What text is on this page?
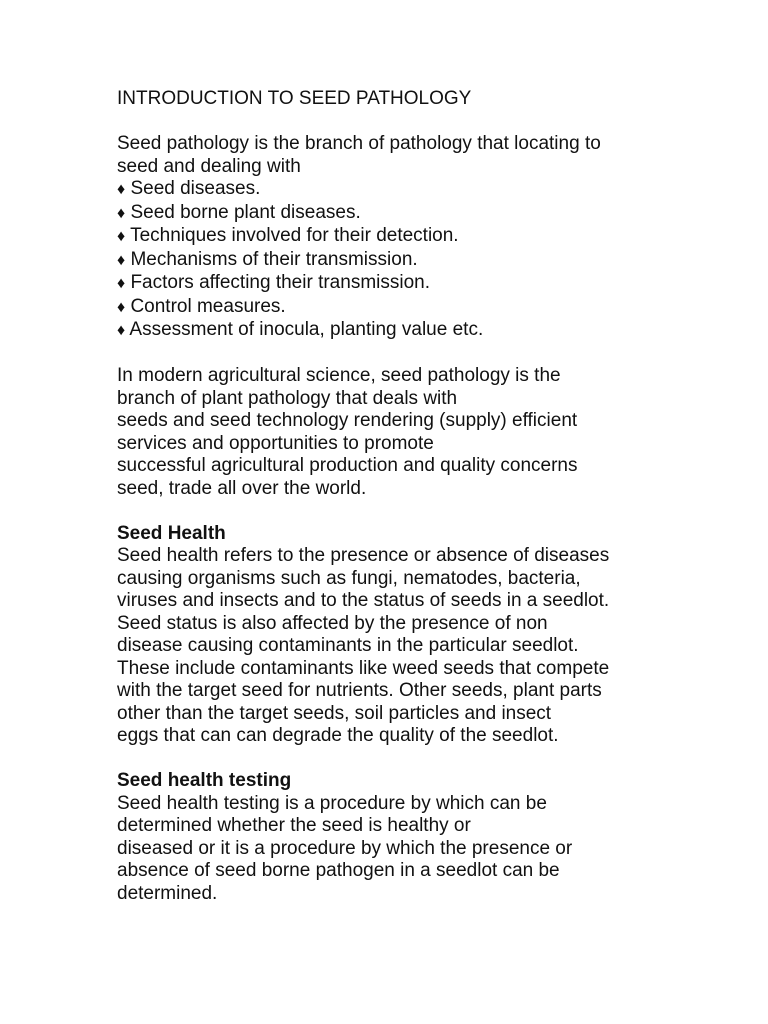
INTRODUCTION TO SEED PATHOLOGY
Seed pathology is the branch of pathology that locating to
seed and dealing with
♦ Seed diseases.
♦ Seed borne plant diseases.
♦ Techniques involved for their detection.
♦ Mechanisms of their transmission.
♦ Factors affecting their transmission.
♦ Control measures.
♦ Assessment of inocula, planting value etc.
In modern agricultural science, seed pathology is the
branch of plant pathology that deals with
seeds and seed technology rendering (supply) efficient
services and opportunities to promote
successful agricultural production and quality concerns
seed, trade all over the world.
Seed Health
Seed health refers to the presence or absence of diseases
causing organisms such as fungi, nematodes, bacteria,
viruses and insects and to the status of seeds in a seedlot.
Seed status is also affected by the presence of non
disease causing contaminants in the particular seedlot.
These include contaminants like weed seeds that compete
with the target seed for nutrients. Other seeds, plant parts
other than the target seeds, soil particles and insect
eggs that can can degrade the quality of the seedlot.
Seed health testing
Seed health testing is a procedure by which can be
determined whether the seed is healthy or
diseased or it is a procedure by which the presence or
absence of seed borne pathogen in a seedlot can be
determined.
